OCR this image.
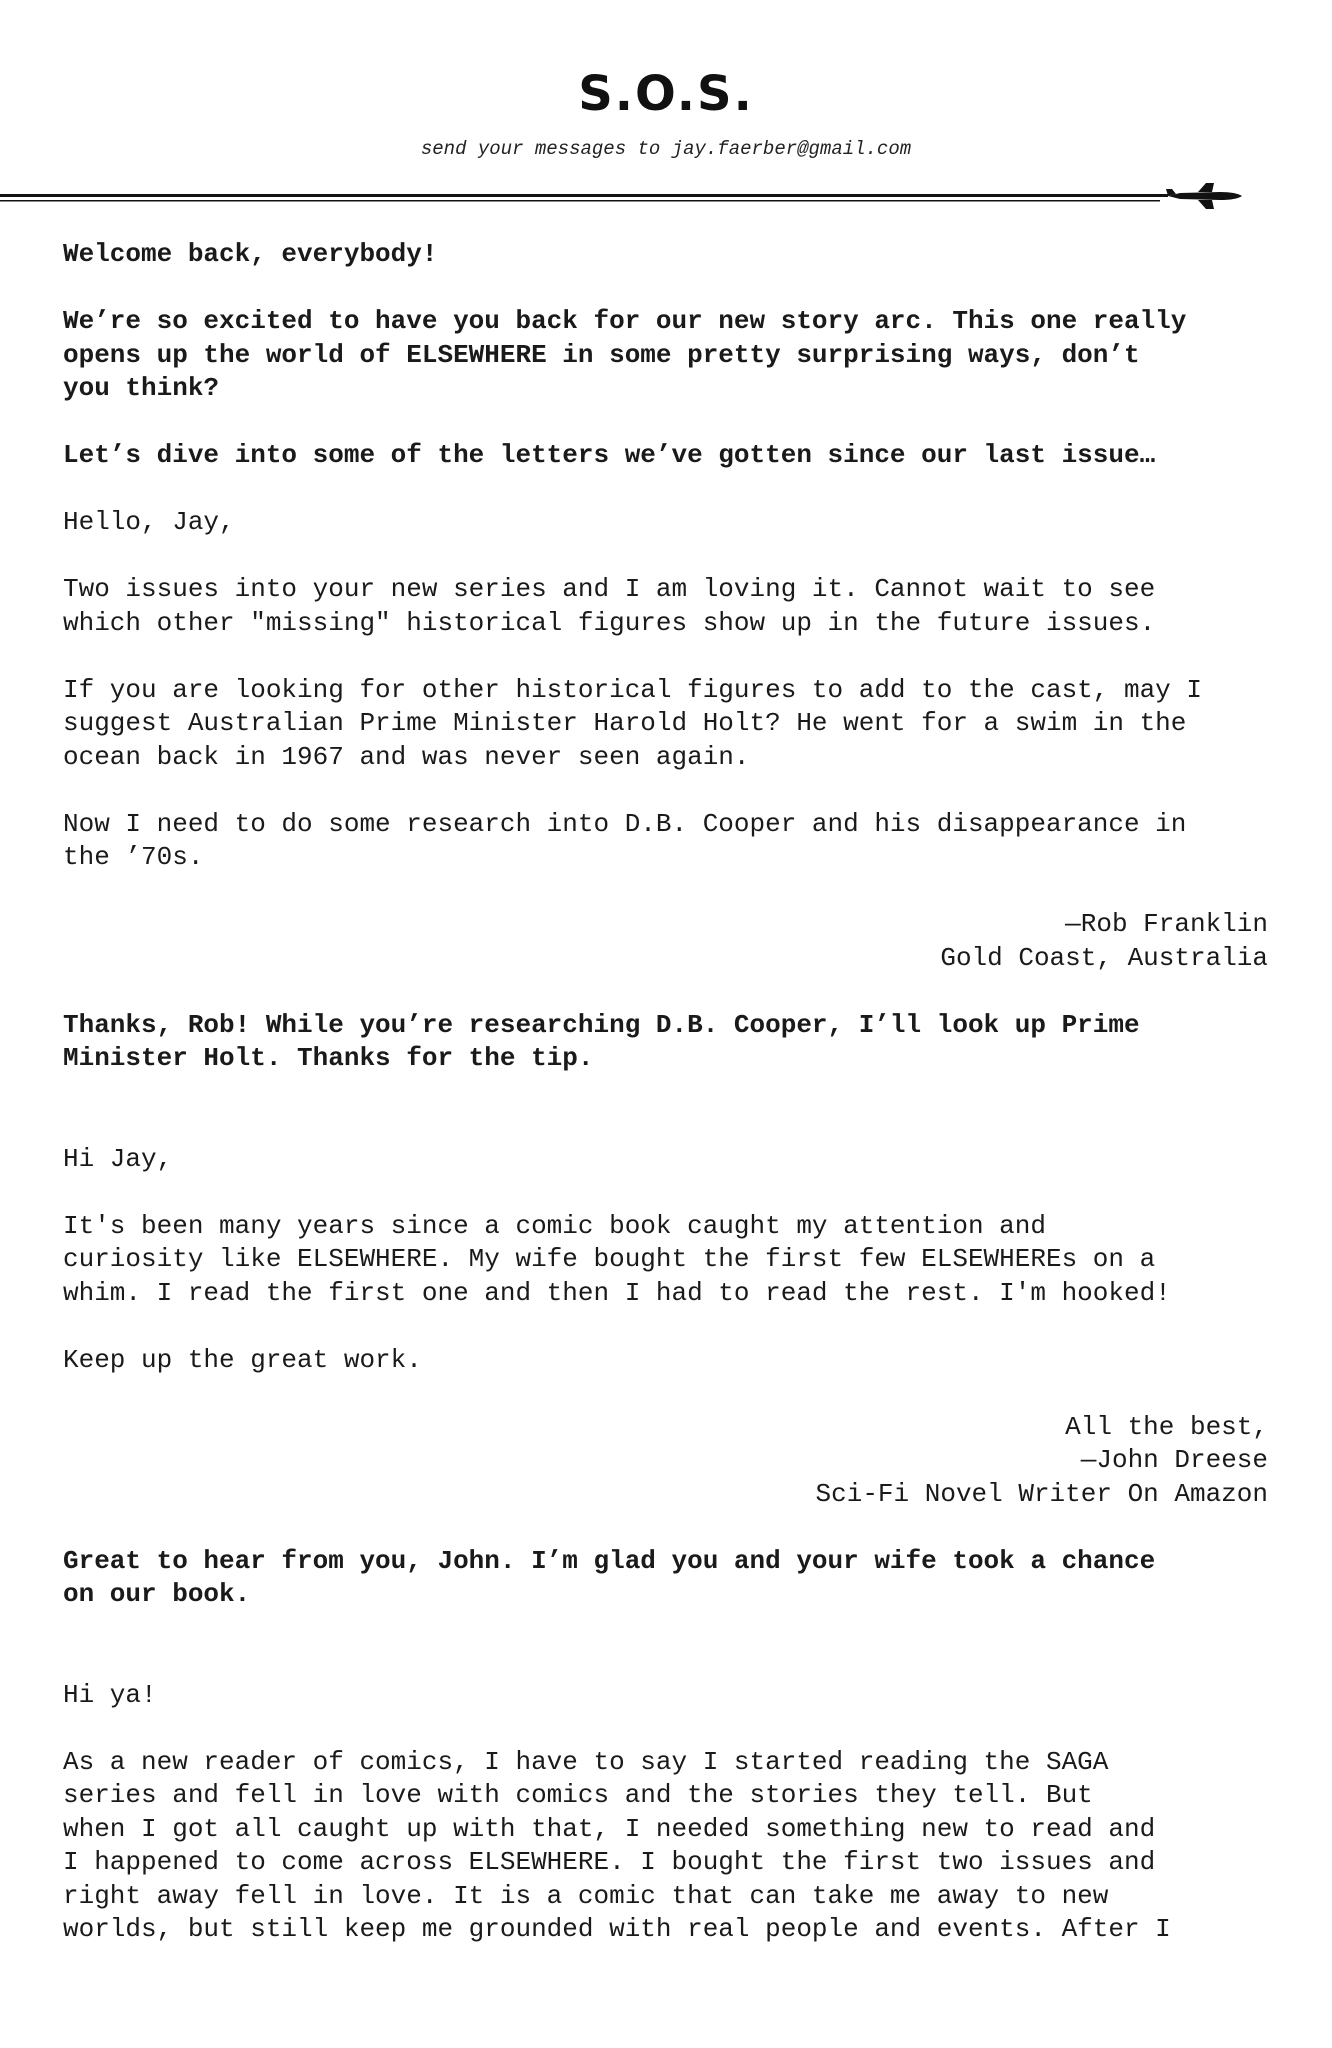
S.O.S.
send your messages to jay.faerber@gmail.com

Welcome back, everybody!

We’re so excited to have you back for our new story arc. This one really
opens up the world of ELSEWHERE in some pretty surprising ways, don’t
you think?

Let’s dive into some of the letters we’ve gotten since our last issue…

Hello, Jay,

Two issues into your new series and I am loving it. Cannot wait to see
which other "missing" historical figures show up in the future issues.

If you are looking for other historical figures to add to the cast, may I
suggest Australian Prime Minister Harold Holt? He went for a swim in the
ocean back in 1967 and was never seen again.

Now I need to do some research into D.B. Cooper and his disappearance in
the ’70s.

—Rob Franklin
Gold Coast, Australia

Thanks, Rob! While you’re researching D.B. Cooper, I’ll look up Prime
Minister Holt. Thanks for the tip.

Hi Jay,

It's been many years since a comic book caught my attention and
curiosity like ELSEWHERE. My wife bought the first few ELSEWHEREs on a
whim. I read the first one and then I had to read the rest. I'm hooked!

Keep up the great work.

All the best,
—John Dreese
Sci-Fi Novel Writer On Amazon

Great to hear from you, John. I’m glad you and your wife took a chance
on our book.

Hi ya!

As a new reader of comics, I have to say I started reading the SAGA
series and fell in love with comics and the stories they tell. But
when I got all caught up with that, I needed something new to read and
I happened to come across ELSEWHERE. I bought the first two issues and
right away fell in love. It is a comic that can take me away to new
worlds, but still keep me grounded with real people and events. After I
